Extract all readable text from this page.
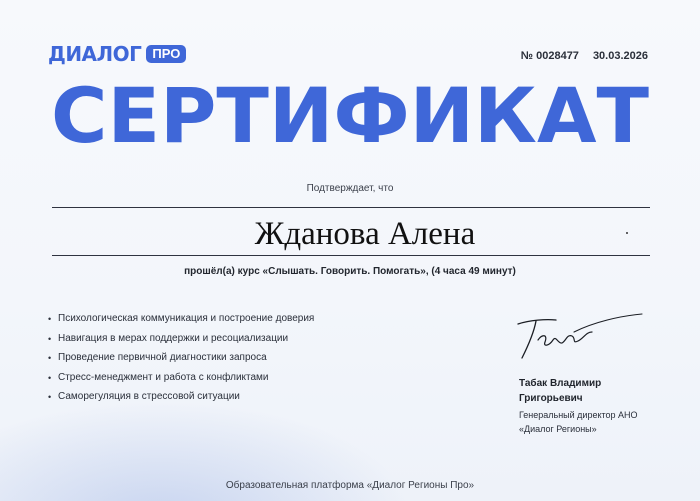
ДИАЛОГ ПРО	№ 0028477 30.03.2026
СЕРТИФИКАТ
Подтверждает, что
Жданова Алена
прошёл(а) курс «Слышать. Говорить. Помогать», (4 часа 49 минут)
• Психологическая коммуникация и построение доверия
• Навигация в мерах поддержки и ресоциализации
• Проведение первичной диагностики запроса
• Стресс-менеджмент и работа с конфликтами
• Саморегуляция в стрессовой ситуации
Табак Владимир
Григорьевич
Генеральный директор АНО
«Диалог Регионы»
Образовательная платформа «Диалог Регионы Про»
